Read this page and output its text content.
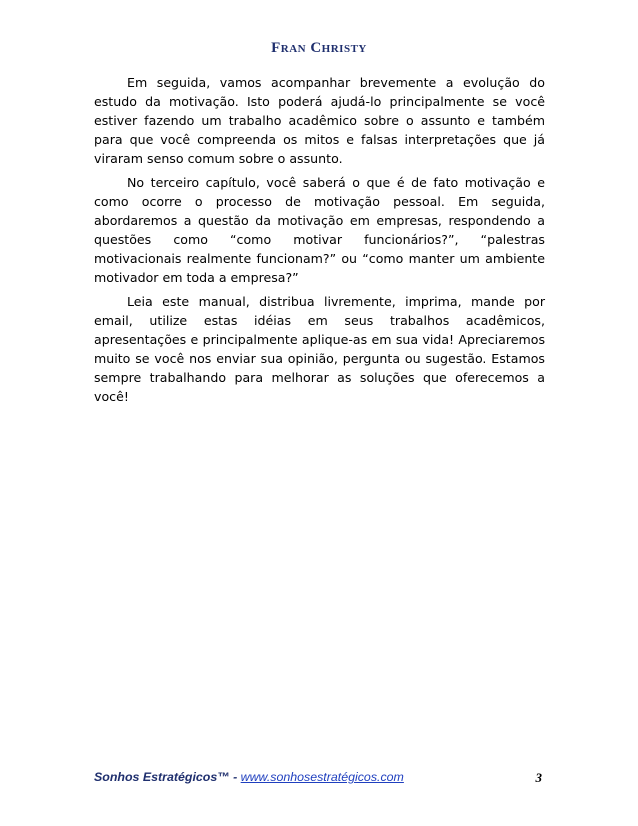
Fran Christy

Em seguida, vamos acompanhar brevemente a evolução do estudo da motivação. Isto poderá ajudá-lo principalmente se você estiver fazendo um trabalho acadêmico sobre o assunto e também para que você compreenda os mitos e falsas interpretações que já viraram senso comum sobre o assunto.

No terceiro capítulo, você saberá o que é de fato motivação e como ocorre o processo de motivação pessoal. Em seguida, abordaremos a questão da motivação em empresas, respondendo a questões como “como motivar funcionários?”, “palestras motivacionais realmente funcionam?” ou “como manter um ambiente motivador em toda a empresa?”

Leia este manual, distribua livremente, imprima, mande por email, utilize estas idéias em seus trabalhos acadêmicos, apresentações e principalmente aplique-as em sua vida! Apreciaremos muito se você nos enviar sua opinião, pergunta ou sugestão. Estamos sempre trabalhando para melhorar as soluções que oferecemos a você!

Sonhos Estratégicos™ - www.sonhosestratégicos.com	3
